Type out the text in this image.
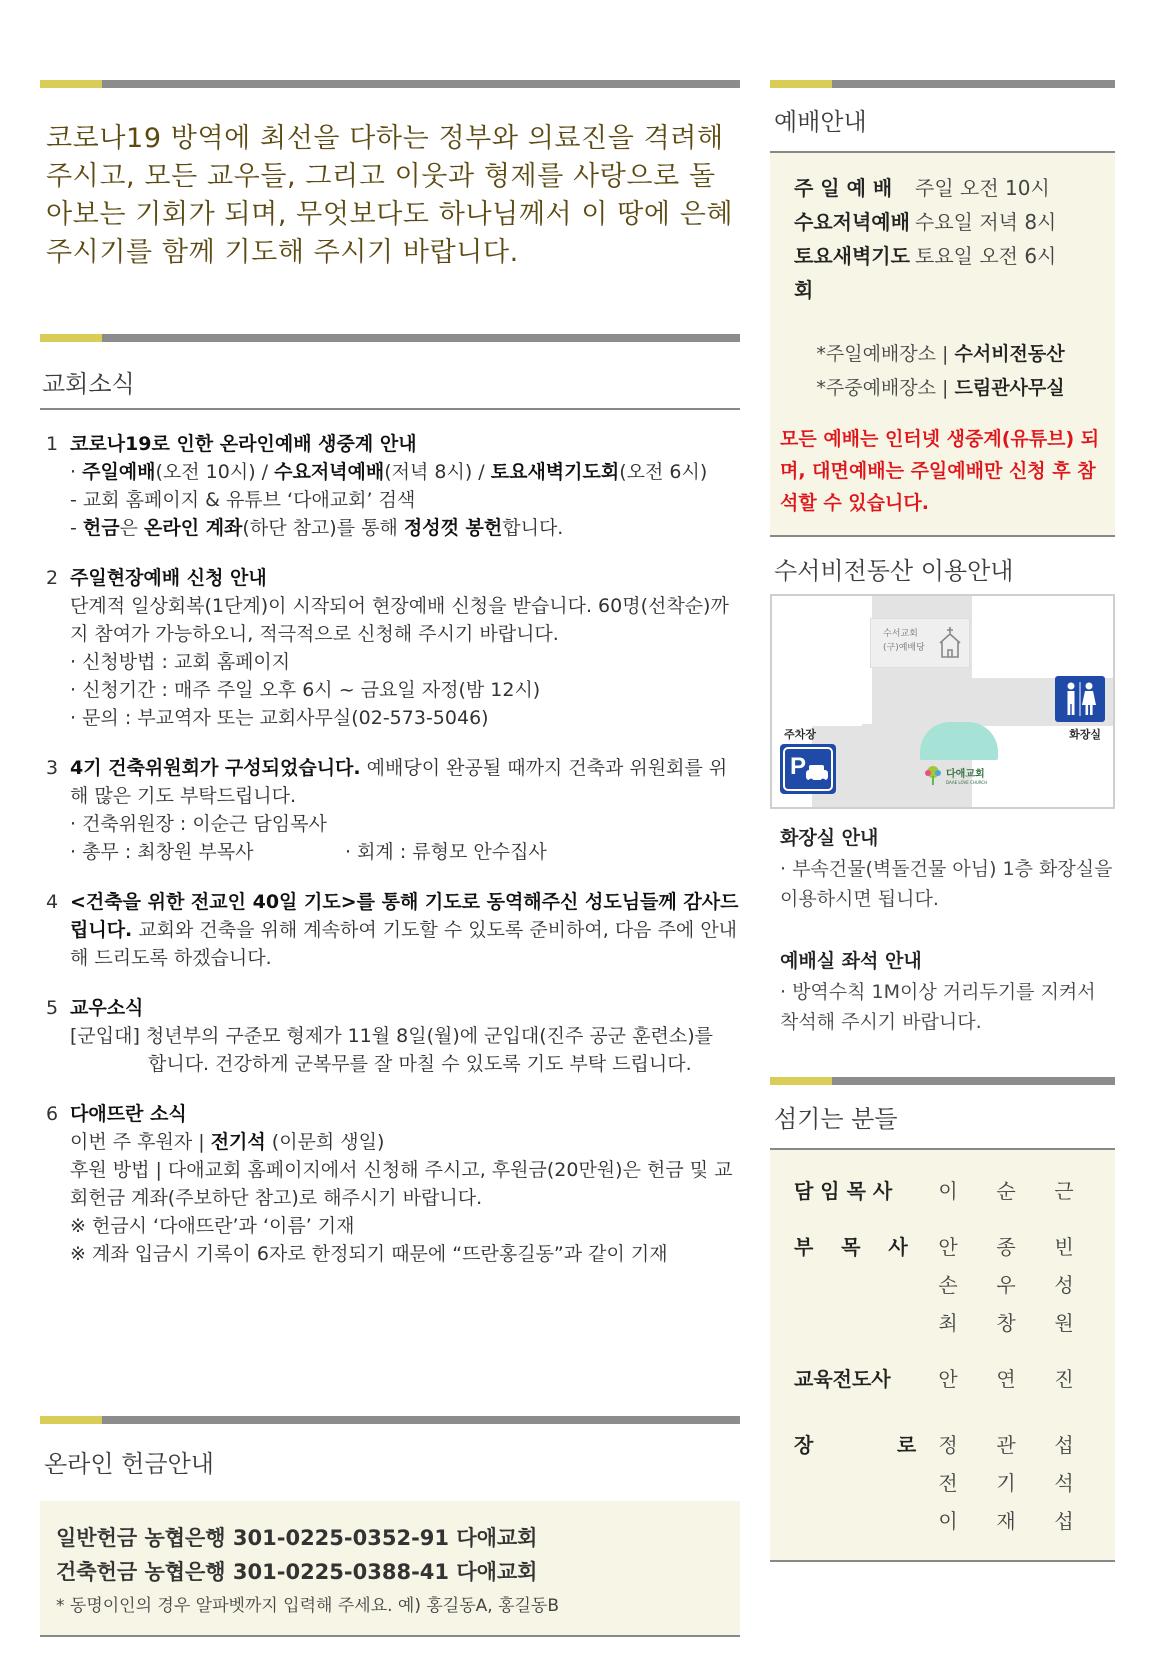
코로나19 방역에 최선을 다하는 정부와 의료진을 격려해 주시고, 모든 교우들, 그리고 이웃과 형제를 사랑으로 돌아보는 기회가 되며, 무엇보다도 하나님께서 이 땅에 은혜주시기를 함께 기도해 주시기 바랍니다.
교회소식
1 코로나19로 인한 온라인예배 생중계 안내
· 주일예배(오전 10시) / 수요저녁예배(저녁 8시) / 토요새벽기도회(오전 6시)
- 교회 홈페이지 & 유튜브 ‘다애교회’ 검색
- 헌금은 온라인 계좌(하단 참고)를 통해 정성껏 봉헌합니다.
2 주일현장예배 신청 안내
단계적 일상회복(1단계)이 시작되어 현장예배 신청을 받습니다. 60명(선착순)까지 참여가 가능하오니, 적극적으로 신청해 주시기 바랍니다.
· 신청방법 : 교회 홈페이지
· 신청기간 : 매주 주일 오후 6시 ~ 금요일 자정(밤 12시)
· 문의 : 부교역자 또는 교회사무실(02-573-5046)
3 4기 건축위원회가 구성되었습니다. 예배당이 완공될 때까지 건축과 위원회를 위해 많은 기도 부탁드립니다.
· 건축위원장 : 이순근 담임목사
· 총무 : 최창원 부목사	· 회계 : 류형모 안수집사
4 <건축을 위한 전교인 40일 기도>를 통해 기도로 동역해주신 성도님들께 감사드립니다. 교회와 건축을 위해 계속하여 기도할 수 있도록 준비하여, 다음 주에 안내해 드리도록 하겠습니다.
5 교우소식
[군입대] 청년부의 구준모 형제가 11월 8일(월)에 군입대(진주 공군 훈련소)를
합니다. 건강하게 군복무를 잘 마칠 수 있도록 기도 부탁 드립니다.
6 다애뜨란 소식
이번 주 후원자 | 전기석 (이문희 생일)
후원 방법 | 다애교회 홈페이지에서 신청해 주시고, 후원금(20만원)은 헌금 및 교회헌금 계좌(주보하단 참고)로 해주시기 바랍니다.
※ 헌금시 ‘다애뜨란’과 ‘이름’ 기재
※ 계좌 입금시 기록이 6자로 한정되기 때문에 “뜨란홍길동”과 같이 기재
온라인 헌금안내
일반헌금 농협은행 301-0225-0352-91 다애교회
건축헌금 농협은행 301-0225-0388-41 다애교회
* 동명이인의 경우 알파벳까지 입력해 주세요. 예) 홍길동A, 홍길동B
예배안내
주 일 예 배	주일 오전 10시
수요저녁예배 수요일 저녁 8시
토요새벽기도회
토요일 오전 6시
*주일예배장소 | 수서비전동산
*주중예배장소 | 드림관사무실
모든 예배는 인터넷 생중계(유튜브) 되며, 대면예배는 주일예배만 신청 후 참석할 수 있습니다.
수서비전동산 이용안내
수서교회
(구)예배당
화장실
주차장
P	다애교회
DAAE LOVE CHURCH
화장실 안내
· 부속건물(벽돌건물 아님) 1층 화장실을 이용하시면 됩니다.
예배실 좌석 안내
· 방역수칙 1M이상 거리두기를 지켜서 착석해 주시기 바랍니다.
섬기는 분들
담 임 목 사	이	순	근
부    목    사	안	종	빈
손	우	성
최	창	원
교육전도사	안	연	진
장            로	정	관	섭
전	기	석
이	재	섭
